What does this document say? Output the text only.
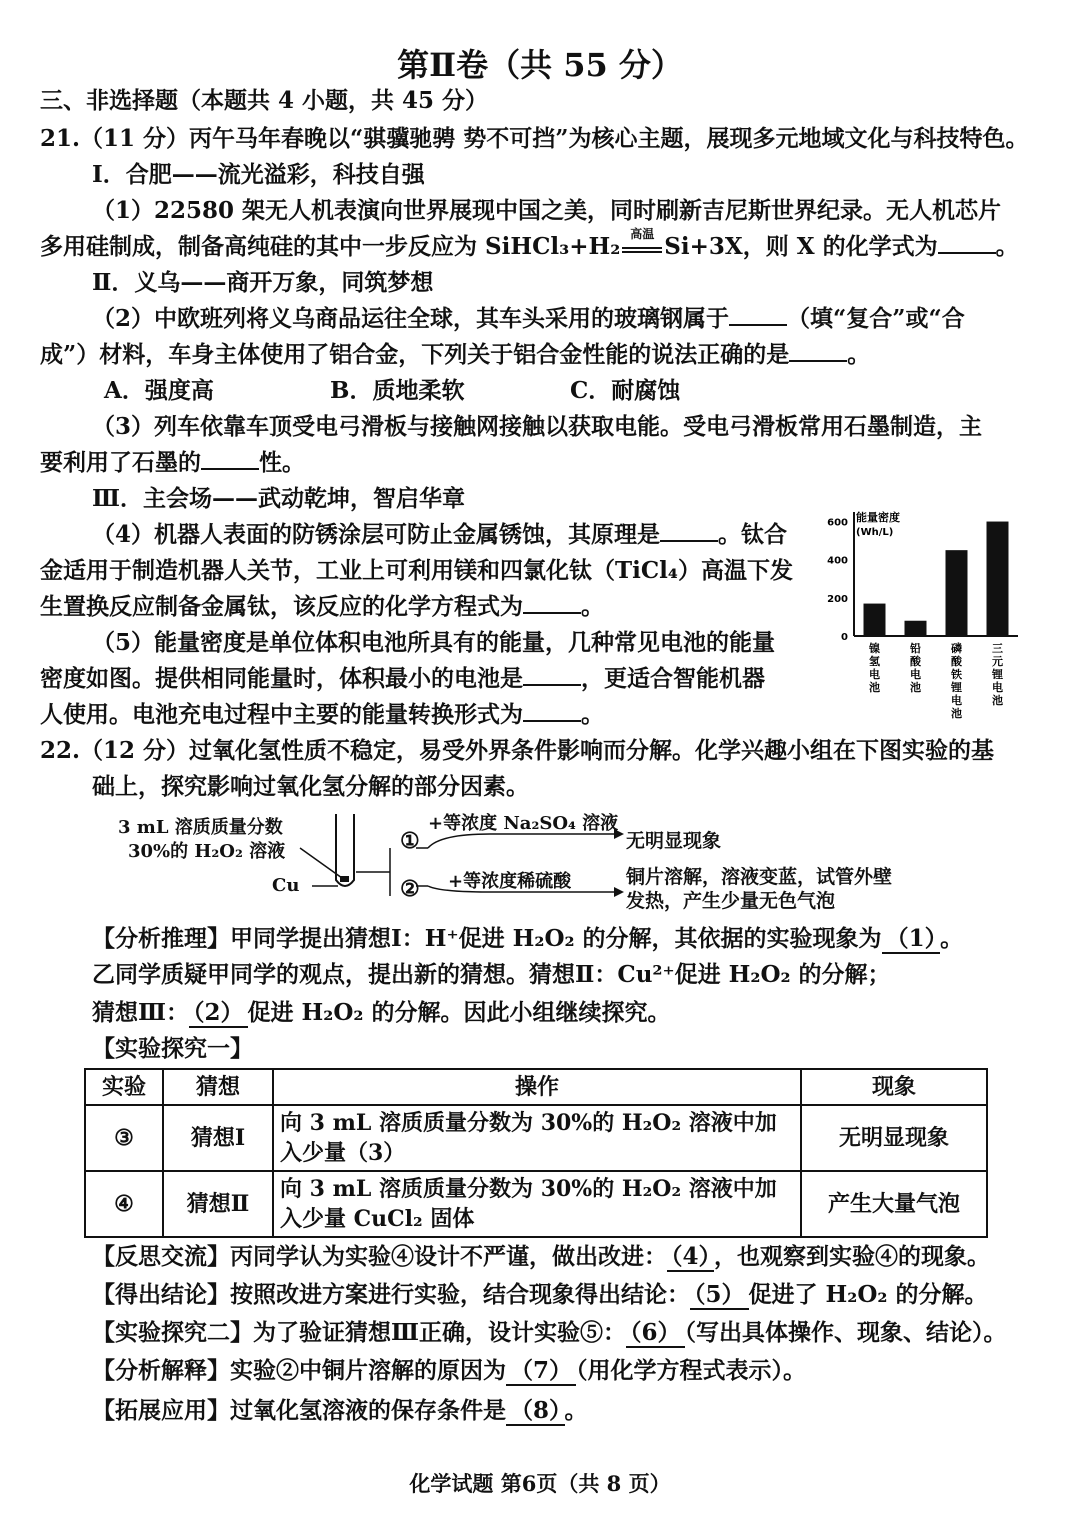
第Ⅱ卷（共 55 分）
三、非选择题（本题共 4 小题，共 45 分）
21.（11 分）丙午马年春晚以“骐骥驰骋 势不可挡”为核心主题，展现多元地域文化与科技特色。
Ⅰ．合肥——流光溢彩，科技自强
（1）22580 架无人机表演向世界展现中国之美，同时刷新吉尼斯世界纪录。无人机芯片
多用硅制成，制备高纯硅的其中一步反应为 SiHCl₃+H₂ 高温 Si+3X，则 X 的化学式为	。
Ⅱ．义乌——商开万象，同筑梦想
（2）中欧班列将义乌商品运往全球，其车头采用的玻璃钢属于	（填“复合”或“合
成”）材料，车身主体使用了铝合金，下列关于铝合金性能的说法正确的是	。
A．强度高	B．质地柔软	C．耐腐蚀
（3）列车依靠车顶受电弓滑板与接触网接触以获取电能。受电弓滑板常用石墨制造，主
要利用了石墨的	性。
Ⅲ．主会场——武动乾坤，智启华章
（4）机器人表面的防锈涂层可防止金属锈蚀，其原理是	。钛合
金适用于制造机器人关节，工业上可利用镁和四氯化钛（TiCl₄）高温下发
生置换反应制备金属钛，该反应的化学方程式为	。
（5）能量密度是单位体积电池所具有的能量，几种常见电池的能量
密度如图。提供相同能量时，体积最小的电池是	，更适合智能机器
人使用。电池充电过程中主要的能量转换形式为	。
能量密度
(Wh/L)
0
200
400
600
镍氢电池
铅酸电池
磷酸铁锂电池
三元锂电池
22.（12 分）过氧化氢性质不稳定，易受外界条件影响而分解。化学兴趣小组在下图实验的基
础上，探究影响过氧化氢分解的部分因素。
3 mL 溶质质量分数
30%的 H₂O₂ 溶液
Cu
①
②
+等浓度 Na₂SO₄ 溶液
+等浓度稀硫酸
无明显现象
铜片溶解，溶液变蓝，试管外壁
发热，产生少量无色气泡
【分析推理】甲同学提出猜想Ⅰ：H⁺促进 H₂O₂ 的分解，其依据的实验现象为 （1） 。
乙同学质疑甲同学的观点，提出新的猜想。猜想Ⅱ：Cu²⁺促进 H₂O₂ 的分解；
猜想Ⅲ： （2） 促进 H₂O₂ 的分解。因此小组继续探究。
【实验探究一】
实验	猜想	操作	现象
③	猜想Ⅰ	向 3 mL 溶质质量分数为 30%的 H₂O₂ 溶液中加
入少量（3）	无明显现象
④	猜想Ⅱ	向 3 mL 溶质质量分数为 30%的 H₂O₂ 溶液中加
入少量 CuCl₂ 固体	产生大量气泡
【反思交流】丙同学认为实验④设计不严谨，做出改进： （4） ，也观察到实验④的现象。
【得出结论】按照改进方案进行实验，结合现象得出结论： （5） 促进了 H₂O₂ 的分解。
【实验探究二】为了验证猜想Ⅲ正确，设计实验⑤： （6） （写出具体操作、现象、结论）。
【分析解释】实验②中铜片溶解的原因为 （7） （用化学方程式表示）。
【拓展应用】过氧化氢溶液的保存条件是 （8） 。
化学试题 第6页（共 8 页）
